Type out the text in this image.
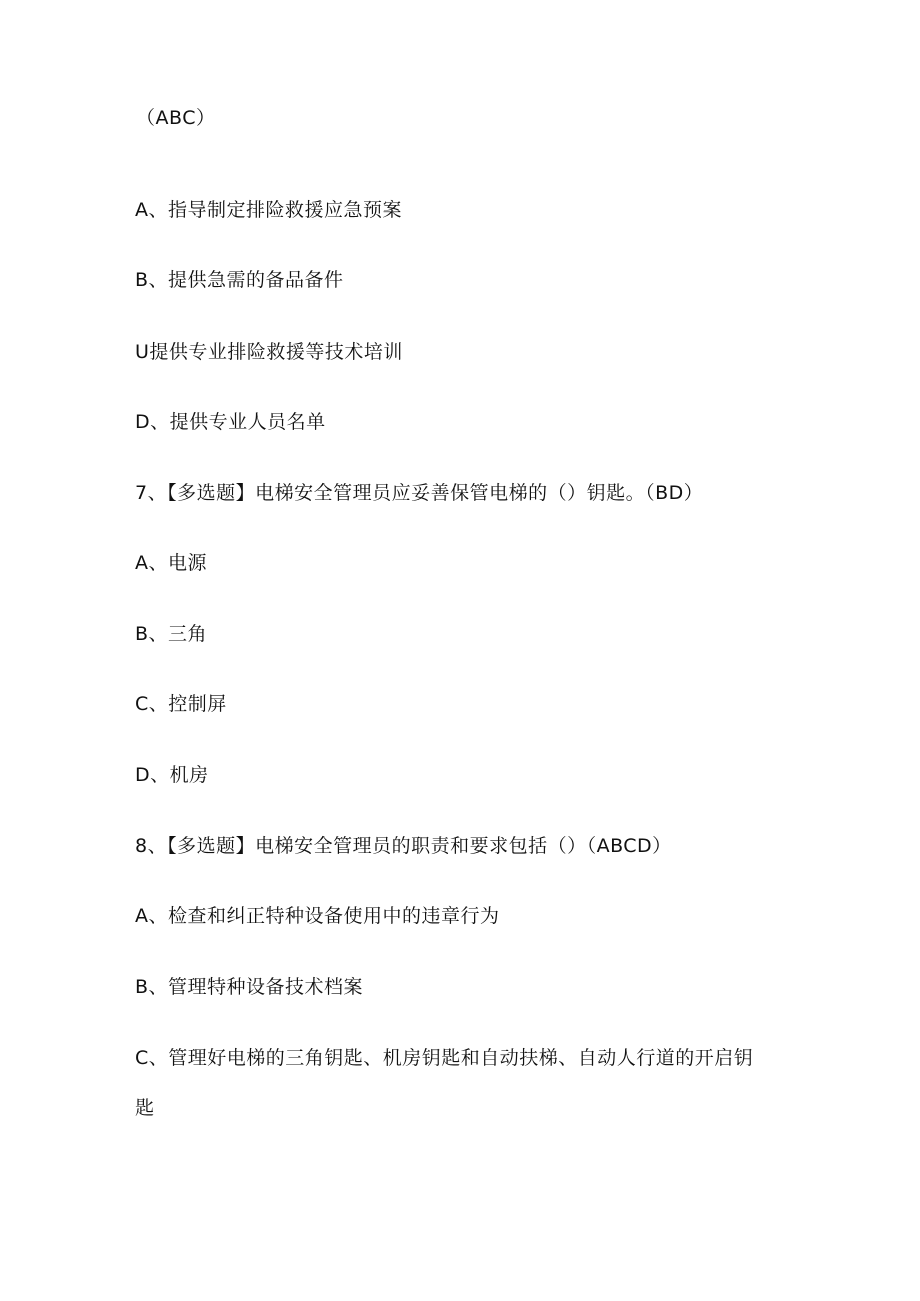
（ABC）
A、指导制定排险救援应急预案
B、提供急需的备品备件
U提供专业排险救援等技术培训
D、提供专业人员名单
7、【多选题】电梯安全管理员应妥善保管电梯的（）钥匙。（BD）
A、电源
B、三角
C、控制屏
D、机房
8、【多选题】电梯安全管理员的职责和要求包括（）（ABCD）
A、检查和纠正特种设备使用中的违章行为
B、管理特种设备技术档案
C、管理好电梯的三角钥匙、机房钥匙和自动扶梯、自动人行道的开启钥
匙
